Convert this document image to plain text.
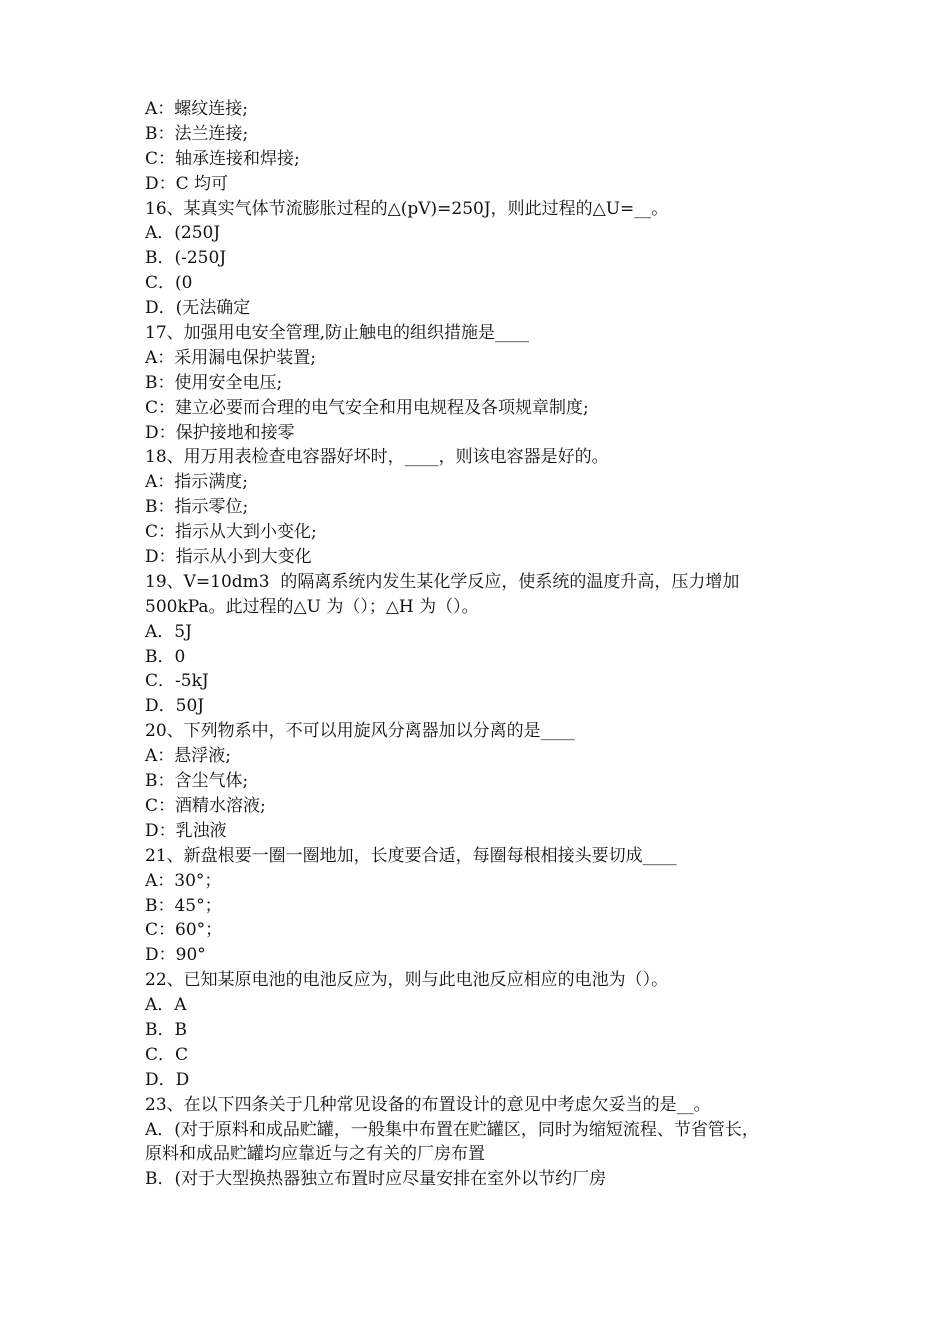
A：螺纹连接;
B：法兰连接;
C：轴承连接和焊接;
D：C 均可
16、某真实气体节流膨胀过程的△(pV)=250J，则此过程的△U=__。
A．(250J
B．(-250J
C．(0
D．(无法确定
17、加强用电安全管理,防止触电的组织措施是____
A：采用漏电保护装置;
B：使用安全电压;
C：建立必要而合理的电气安全和用电规程及各项规章制度;
D：保护接地和接零
18、用万用表检查电容器好坏时，____，则该电容器是好的。
A：指示满度;
B：指示零位;
C：指示从大到小变化;
D：指示从小到大变化
19、V=10dm3  的隔离系统内发生某化学反应，使系统的温度升高，压力增加
500kPa。此过程的△U 为（）；△H 为（）。
A．5J
B．0
C．-5kJ
D．50J
20、下列物系中，不可以用旋风分离器加以分离的是____
A：悬浮液;
B：含尘气体;
C：酒精水溶液;
D：乳浊液
21、新盘根要一圈一圈地加，长度要合适，每圈每根相接头要切成____
A：30°；
B：45°；
C：60°；
D：90°
22、已知某原电池的电池反应为，则与此电池反应相应的电池为（）。
A．A
B．B
C．C
D．D
23、在以下四条关于几种常见设备的布置设计的意见中考虑欠妥当的是__。
A．(对于原料和成品贮罐，一般集中布置在贮罐区，同时为缩短流程、节省管长，
原料和成品贮罐均应靠近与之有关的厂房布置
B．(对于大型换热器独立布置时应尽量安排在室外以节约厂房
